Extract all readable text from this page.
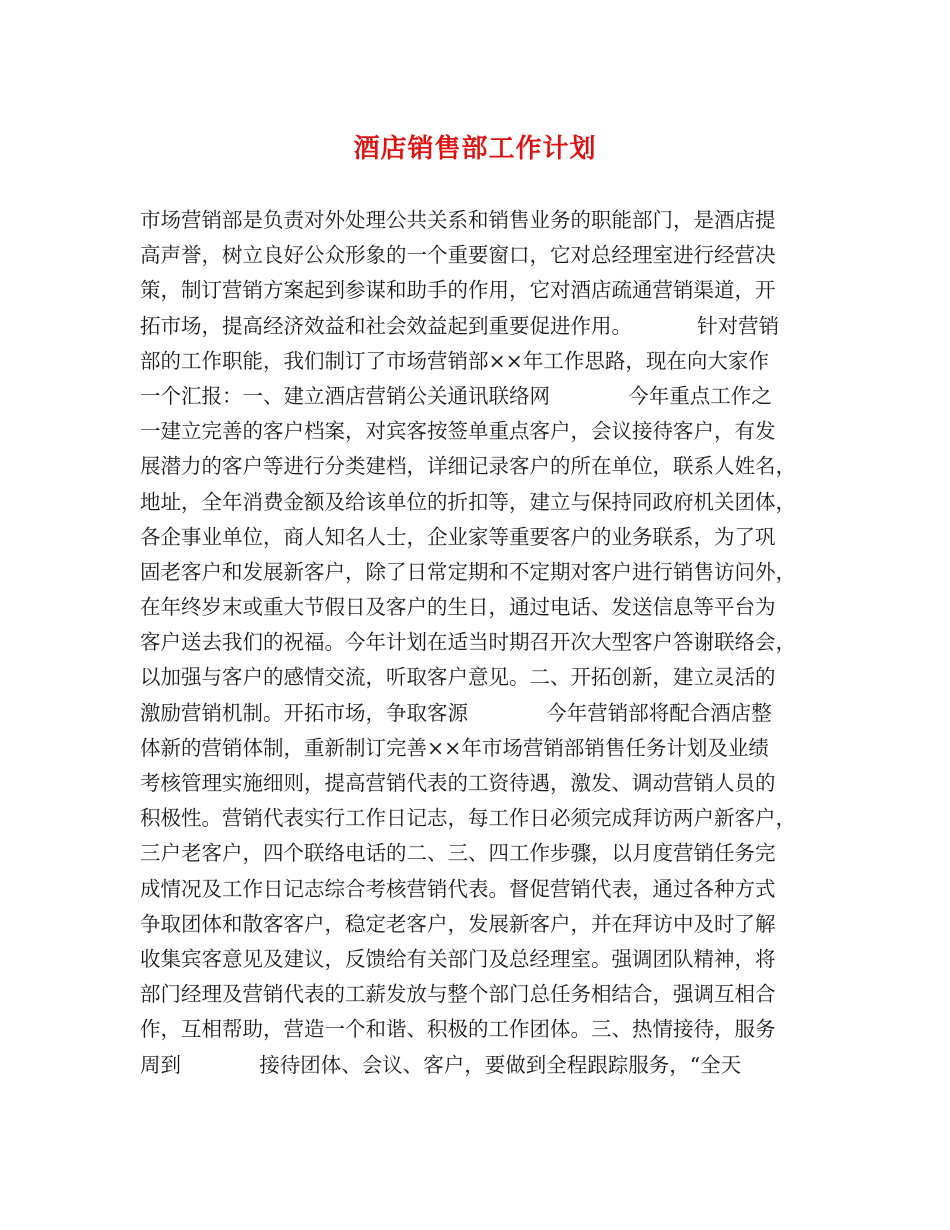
酒店销售部工作计划
市场营销部是负责对外处理公共关系和销售业务的职能部门，是酒店提
高声誉，树立良好公众形象的一个重要窗口，它对总经理室进行经营决
策，制订营销方案起到参谋和助手的作用，它对酒店疏通营销渠道，开
拓市场，提高经济效益和社会效益起到重要促进作用。          针对营销
部的工作职能，我们制订了市场营销部××年工作思路，现在向大家作
一个汇报：一、建立酒店营销公关通讯联络网            今年重点工作之
一建立完善的客户档案，对宾客按签单重点客户，会议接待客户，有发
展潜力的客户等进行分类建档，详细记录客户的所在单位，联系人姓名，
地址，全年消费金额及给该单位的折扣等，建立与保持同政府机关团体，
各企事业单位，商人知名人士，企业家等重要客户的业务联系，为了巩
固老客户和发展新客户，除了日常定期和不定期对客户进行销售访问外，
在年终岁末或重大节假日及客户的生日，通过电话、发送信息等平台为
客户送去我们的祝福。今年计划在适当时期召开次大型客户答谢联络会，
以加强与客户的感情交流，听取客户意见。二、开拓创新，建立灵活的
激励营销机制。开拓市场，争取客源            今年营销部将配合酒店整
体新的营销体制，重新制订完善××年市场营销部销售任务计划及业绩
考核管理实施细则，提高营销代表的工资待遇，激发、调动营销人员的
积极性。营销代表实行工作日记志，每工作日必须完成拜访两户新客户，
三户老客户，四个联络电话的二、三、四工作步骤，以月度营销任务完
成情况及工作日记志综合考核营销代表。督促营销代表，通过各种方式
争取团体和散客客户，稳定老客户，发展新客户，并在拜访中及时了解
收集宾客意见及建议，反馈给有关部门及总经理室。强调团队精神，将
部门经理及营销代表的工薪发放与整个部门总任务相结合，强调互相合
作，互相帮助，营造一个和谐、积极的工作团体。三、热情接待，服务
周到            接待团体、会议、客户，要做到全程跟踪服务，“全天
